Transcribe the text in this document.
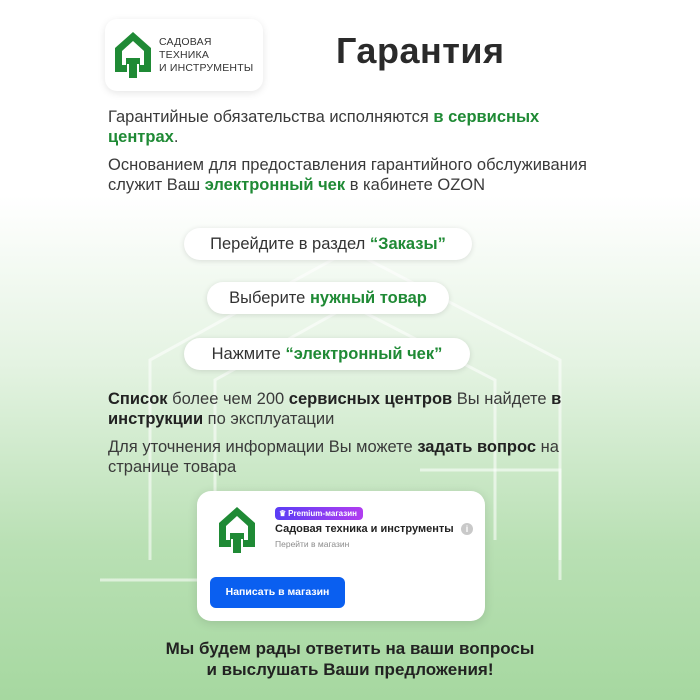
САДОВАЯ
ТЕХНИКА
И ИНСТРУМЕНТЫ Гарантия
Гарантийные обязательства исполняются в сервисных центрах.
Основанием для предоставления гарантийного обслуживания служит Ваш электронный чек в кабинете OZON
Перейдите в раздел “Заказы”
Выберите нужный товар
Нажмите “электронный чек”
Список более чем 200 сервисных центров Вы найдете в инструкции по эксплуатации
Для уточнения информации Вы можете задать вопрос на странице товара
♛ Premium-магазин
Садовая техника и инструменты	i
Перейти в магазин
Написать в магазин
Мы будем рады ответить на ваши вопросы
и выслушать Ваши предложения!
